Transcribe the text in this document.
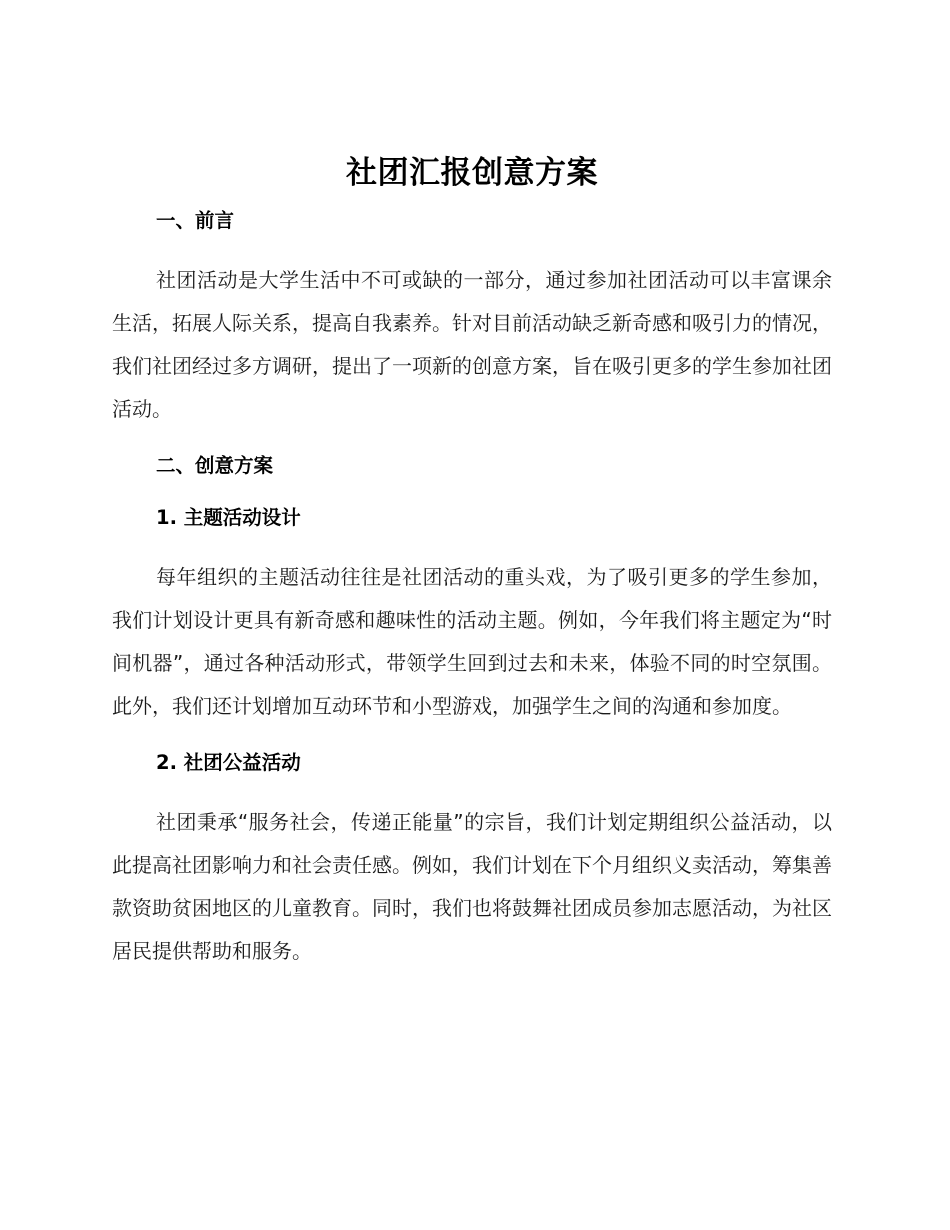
社团汇报创意方案
一、前言

社团活动是大学生活中不可或缺的一部分，通过参加社团活动可以丰富课余生活，拓展人际关系，提高自我素养。针对目前活动缺乏新奇感和吸引力的情况，我们社团经过多方调研，提出了一项新的创意方案，旨在吸引更多的学生参加社团活动。

二、创意方案
1. 主题活动设计

每年组织的主题活动往往是社团活动的重头戏，为了吸引更多的学生参加，我们计划设计更具有新奇感和趣味性的活动主题。例如，今年我们将主题定为“时间机器”，通过各种活动形式，带领学生回到过去和未来，体验不同的时空氛围。此外，我们还计划增加互动环节和小型游戏，加强学生之间的沟通和参加度。

2. 社团公益活动

社团秉承“服务社会，传递正能量”的宗旨，我们计划定期组织公益活动，以此提高社团影响力和社会责任感。例如，我们计划在下个月组织义卖活动，筹集善款资助贫困地区的儿童教育。同时，我们也将鼓舞社团成员参加志愿活动，为社区居民提供帮助和服务。
